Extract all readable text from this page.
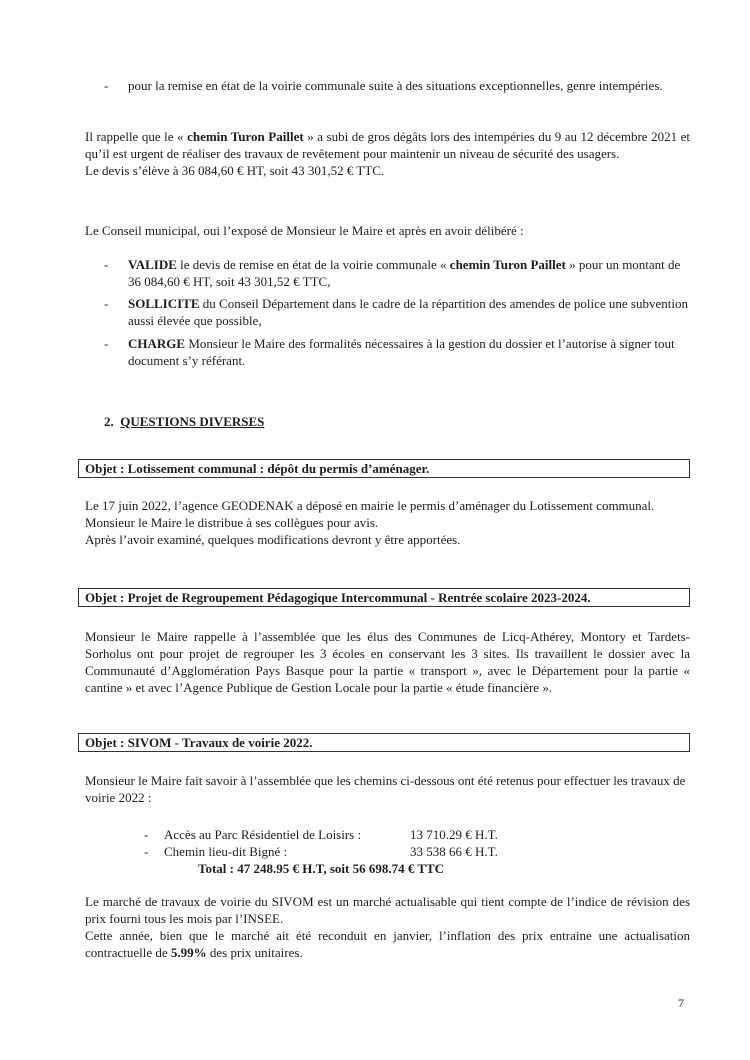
-	pour la remise en état de la voirie communale suite à des situations exceptionnelles, genre intempéries.
Il rappelle que le « chemin Turon Paillet » a subi de gros dégâts lors des intempéries du 9 au 12 décembre 2021 et qu’il est urgent de réaliser des travaux de revêtement pour maintenir un niveau de sécurité des usagers.
Le devis s’élève à 36 084,60 € HT, soit 43 301,52 € TTC.
Le Conseil municipal, oui l’exposé de Monsieur le Maire et après en avoir délibéré :
-	VALIDE le devis de remise en état de la voirie communale « chemin Turon Paillet » pour un montant de 36 084,60 € HT, soit 43 301,52 € TTC,
-	SOLLICITE du Conseil Département dans le cadre de la répartition des amendes de police une subvention aussi élevée que possible,
-	CHARGE Monsieur le Maire des formalités nécessaires à la gestion du dossier et l’autorise à signer tout document s’y référant.
2. QUESTIONS DIVERSES
Objet : Lotissement communal : dépôt du permis d’aménager.
Le 17 juin 2022, l’agence GEODENAK a déposé en mairie le permis d’aménager du Lotissement communal.
Monsieur le Maire le distribue à ses collègues pour avis.
Après l’avoir examiné, quelques modifications devront y être apportées.
Objet : Projet de Regroupement Pédagogique Intercommunal - Rentrée scolaire 2023-2024.
Monsieur le Maire rappelle à l’assemblée que les élus des Communes de Licq-Athérey, Montory et Tardets-Sorholus ont pour projet de regrouper les 3 écoles en conservant les 3 sites. Ils travaillent le dossier avec la Communauté d’Agglomération Pays Basque pour la partie « transport », avec le Département pour la partie « cantine » et avec l’Agence Publique de Gestion Locale pour la partie « étude financière ».
Objet : SIVOM - Travaux de voirie 2022.
Monsieur le Maire fait savoir à l’assemblée que les chemins ci-dessous ont été retenus pour effectuer les travaux de voirie 2022 :
- Accès au Parc Résidentiel de Loisirs :	13 710.29 € H.T.
- Chemin lieu-dit Bigné :	33 538 66 € H.T.
Total : 47 248.95 € H.T, soit 56 698.74 € TTC
Le marché de travaux de voirie du SIVOM est un marché actualisable qui tient compte de l’indice de révision des prix fourni tous les mois par l’INSEE.
Cette année, bien que le marché ait été reconduit en janvier, l’inflation des prix entraine une actualisation contractuelle de 5.99% des prix unitaires.
7
